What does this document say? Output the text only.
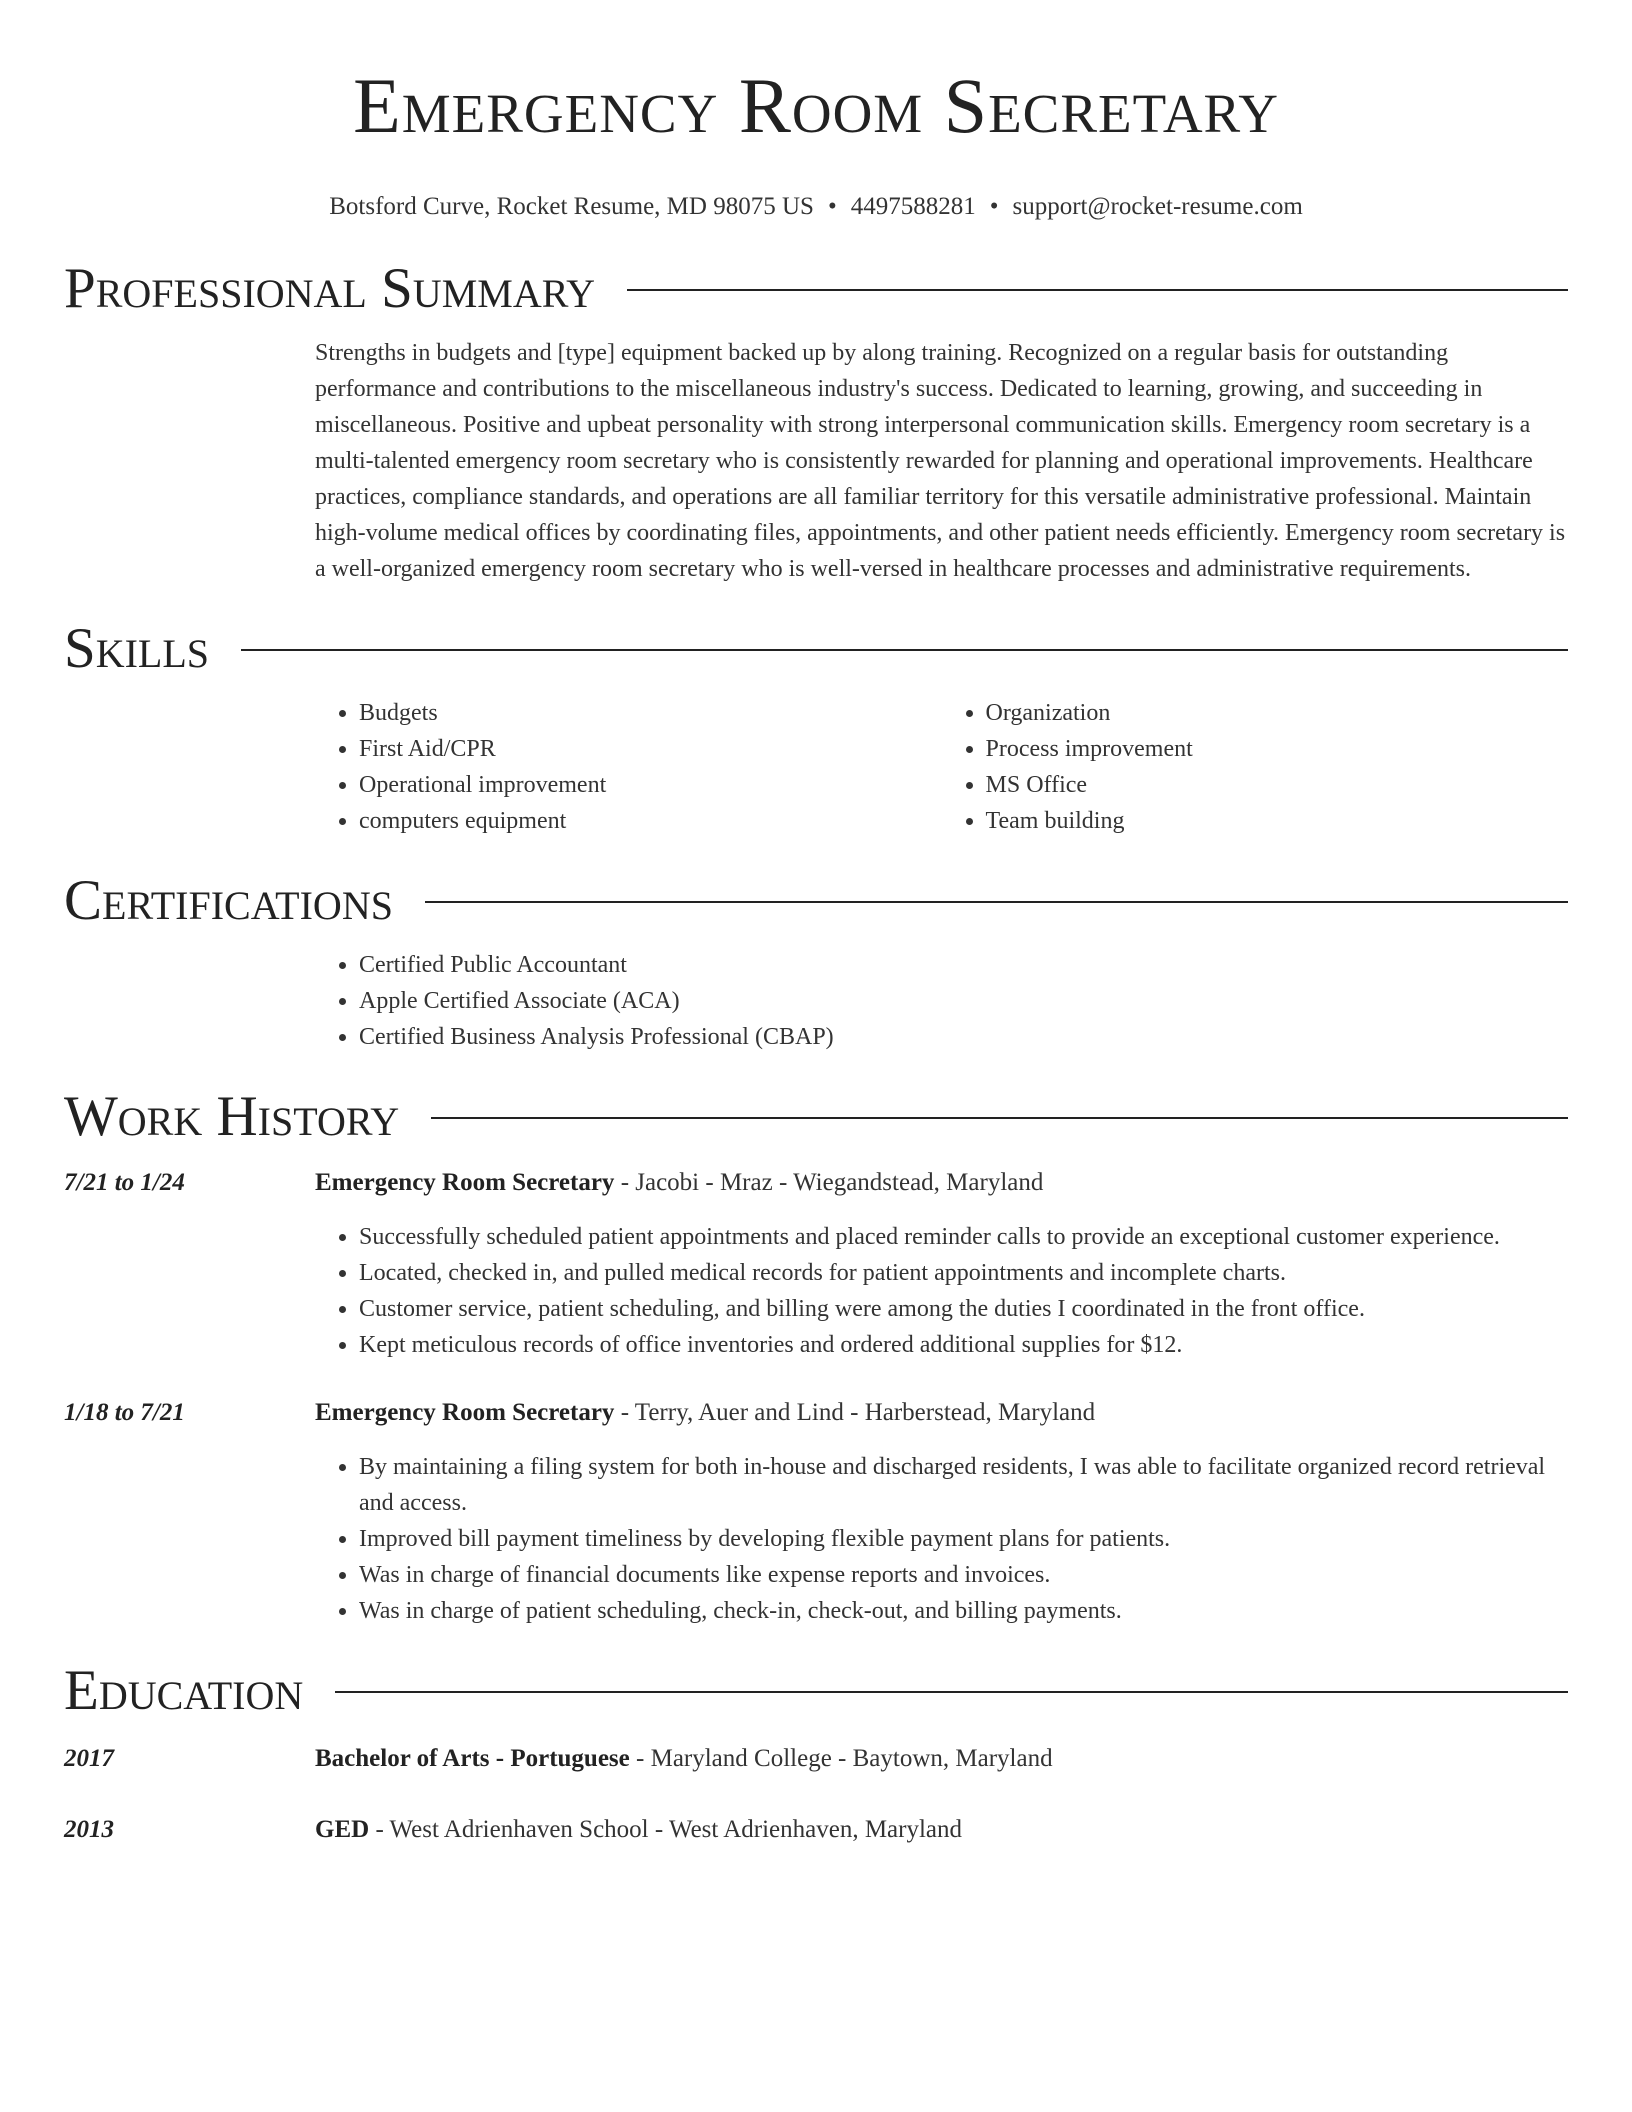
Emergency Room Secretary
Botsford Curve, Rocket Resume, MD 98075 US • 4497588281 • support@rocket-resume.com
Professional Summary

Strengths in budgets and [type] equipment backed up by along training. Recognized on a regular basis for outstanding performance and contributions to the miscellaneous industry's success. Dedicated to learning, growing, and succeeding in miscellaneous. Positive and upbeat personality with strong interpersonal communication skills. Emergency room secretary is a multi-talented emergency room secretary who is consistently rewarded for planning and operational improvements. Healthcare practices, compliance standards, and operations are all familiar territory for this versatile administrative professional. Maintain high-volume medical offices by coordinating files, appointments, and other patient needs efficiently. Emergency room secretary is a well-organized emergency room secretary who is well-versed in healthcare processes and administrative requirements.

Skills
• Budgets
• First Aid/CPR
• Operational improvement
• computers equipment
• Organization
• Process improvement
• MS Office
• Team building
Certifications
• Certified Public Accountant
• Apple Certified Associate (ACA)
• Certified Business Analysis Professional (CBAP)
Work History
7/21 to 1/24	Emergency Room Secretary - Jacobi - Mraz - Wiegandstead, Maryland
• Successfully scheduled patient appointments and placed reminder calls to provide an exceptional customer experience.
• Located, checked in, and pulled medical records for patient appointments and incomplete charts.
• Customer service, patient scheduling, and billing were among the duties I coordinated in the front office.
• Kept meticulous records of office inventories and ordered additional supplies for $12.
1/18 to 7/21	Emergency Room Secretary - Terry, Auer and Lind - Harberstead, Maryland
• By maintaining a filing system for both in-house and discharged residents, I was able to facilitate organized record retrieval and access.
• Improved bill payment timeliness by developing flexible payment plans for patients.
• Was in charge of financial documents like expense reports and invoices.
• Was in charge of patient scheduling, check-in, check-out, and billing payments.
Education
2017	Bachelor of Arts - Portuguese - Maryland College - Baytown, Maryland
2013	GED - West Adrienhaven School - West Adrienhaven, Maryland
